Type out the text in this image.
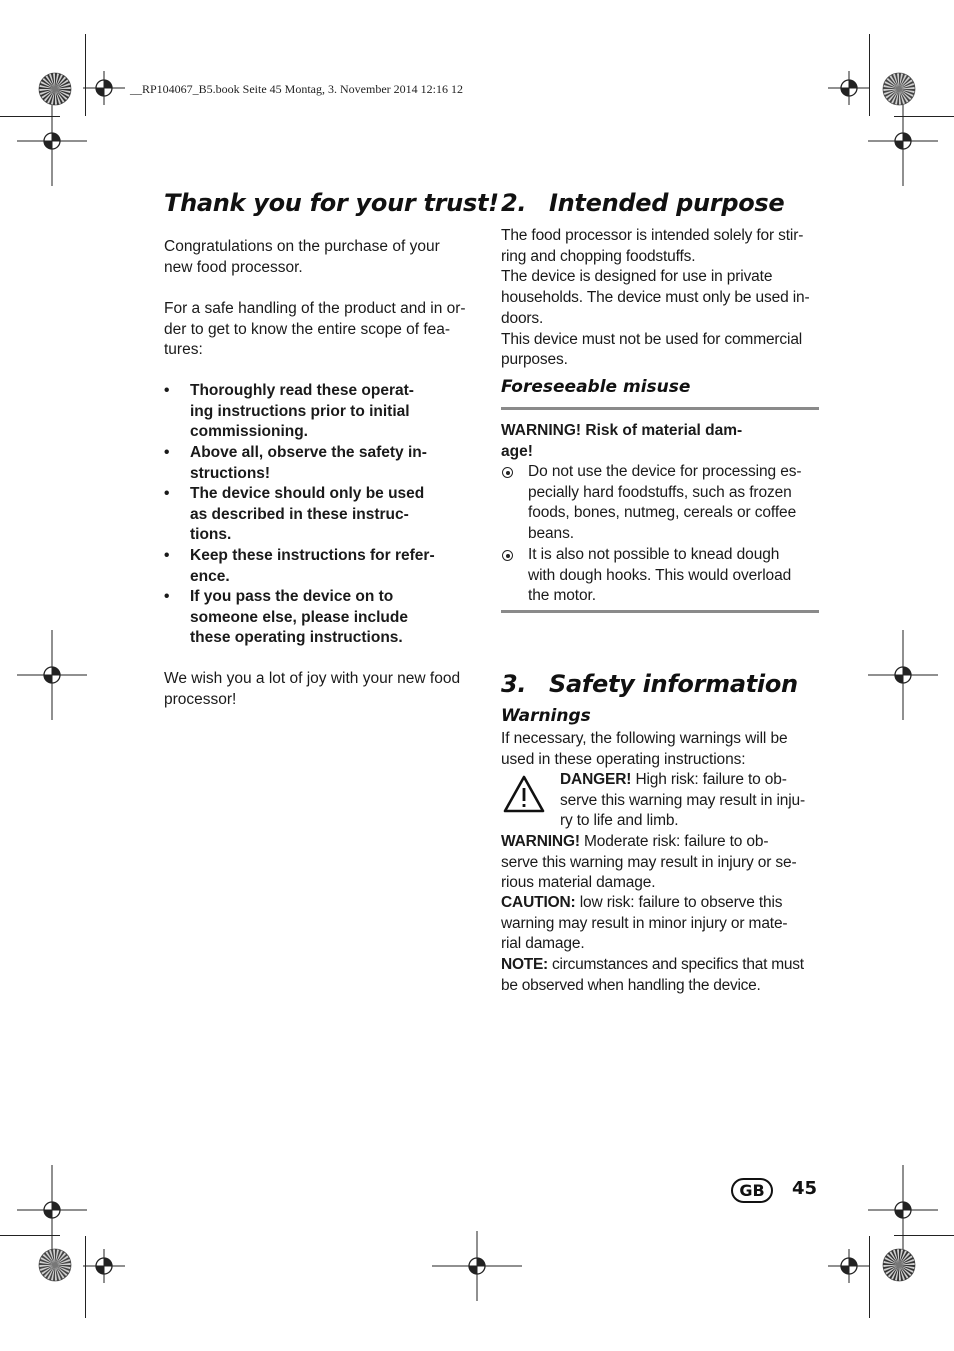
__RP104067_B5.book Seite 45 Montag, 3. November 2014 12:16 12
Thank you for your trust!
Congratulations on the purchase of your
new food processor.
For a safe handling of the product and in or-
der to get to know the entire scope of fea-
tures:
• Thoroughly read these operat-
ing instructions prior to initial
commissioning.
• Above all, observe the safety in-
structions!
• The device should only be used
as described in these instruc-
tions.
• Keep these instructions for refer-
ence.
• If you pass the device on to
someone else, please include
these operating instructions.
We wish you a lot of joy with your new food
processor!
2. Intended purpose
The food processor is intended solely for stir-
ring and chopping foodstuffs.
The device is designed for use in private
households. The device must only be used in-
doors.
This device must not be used for commercial
purposes.
Foreseeable misuse
WARNING! Risk of material dam-
age!
Do not use the device for processing es-
pecially hard foodstuffs, such as frozen
foods, bones, nutmeg, cereals or coffee
beans.
It is also not possible to knead dough
with dough hooks. This would overload
the motor.
3. Safety information
Warnings
If necessary, the following warnings will be
used in these operating instructions:
DANGER! High risk: failure to ob-
serve this warning may result in inju-
ry to life and limb.
WARNING! Moderate risk: failure to ob-
serve this warning may result in injury or se-
rious material damage.
CAUTION: low risk: failure to observe this
warning may result in minor injury or mate-
rial damage.
NOTE: circumstances and specifics that must
be observed when handling the device.
GB	45
